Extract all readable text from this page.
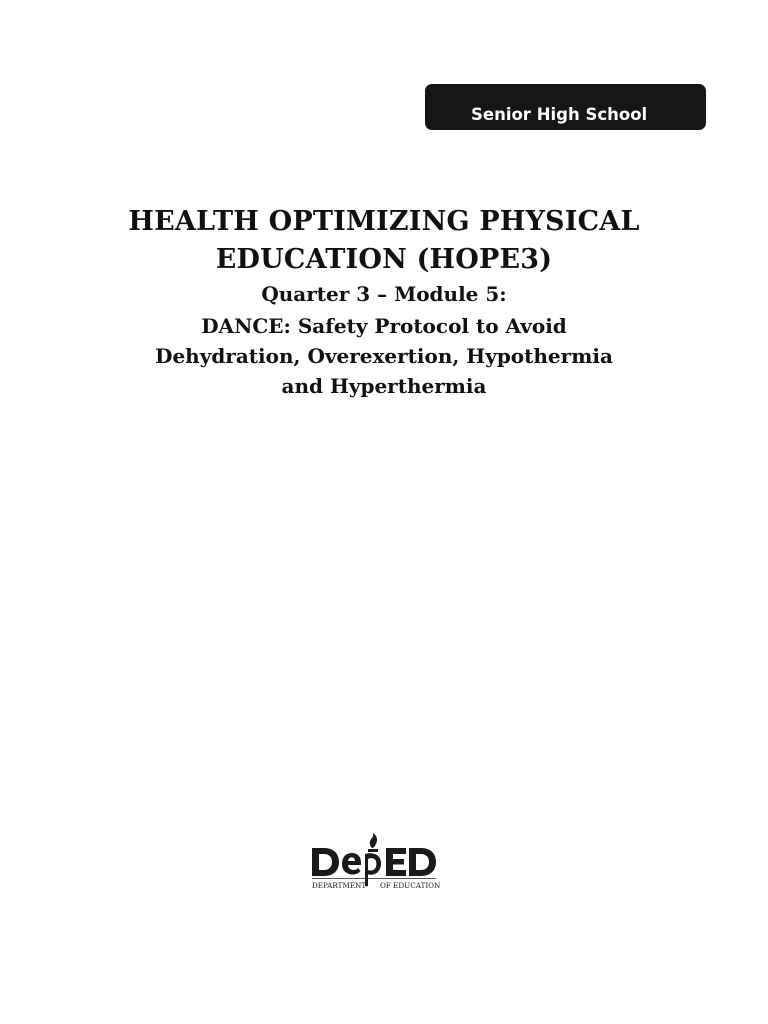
Senior High School
HEALTH OPTIMIZING PHYSICAL
EDUCATION (HOPE3)
Quarter 3 – Module 5:
DANCE: Safety Protocol to Avoid
Dehydration, Overexertion, Hypothermia
and Hyperthermia
DEPARTMENT OF EDUCATION
